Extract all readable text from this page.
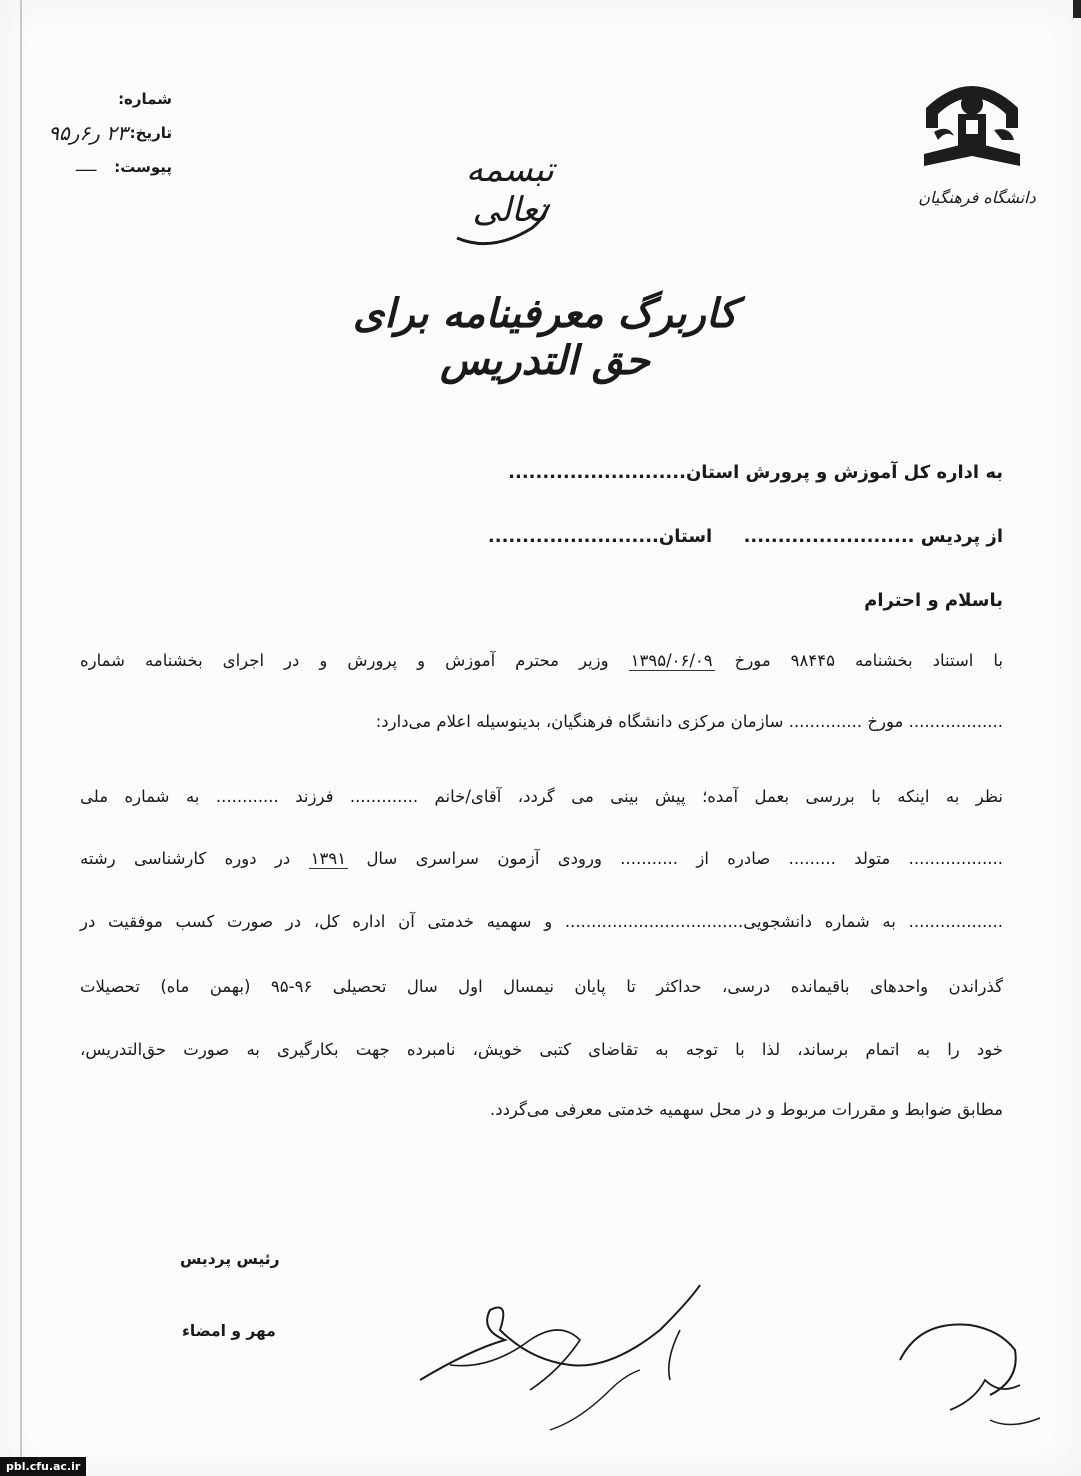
دانشگاه فرهنگیان
شماره:
تاریخ:
۲۳ ر۶ر۹۵
پیوست:
ـــــ	تبسمه تعالی
کاربرگ معرفینامه برای حق التدریس
به اداره کل آموزش و پرورش استان..........................
از پردیس .........................     استان.........................
باسلام و احترام
با استناد بخشنامه ۹۸۴۴۵ مورخ ۱۳۹۵/۰۶/۰۹ وزیر محترم آموزش و پرورش و در اجرای بخشنامه شماره
.................. مورخ .............. سازمان مرکزی دانشگاه فرهنگیان، بدینوسیله اعلام می‌دارد:
نظر به اینکه با بررسی بعمل آمده؛ پیش بینی می گردد، آقای/خانم ............. فرزند ............ به شماره ملی
.................. متولد ......... صادره از ........... ورودی آزمون سراسری سال ۱۳۹۱ در دوره کارشناسی رشته
.................. به شماره دانشجویی.................................. و سهمیه خدمتی آن اداره کل، در صورت کسب موفقیت در
گذراندن واحدهای باقیمانده درسی، حداکثر تا پایان نیمسال اول سال تحصیلی ۹۶-۹۵ (بهمن ماه) تحصیلات
خود را به اتمام برساند، لذا با توجه به تقاضای کتبی خویش، نامبرده جهت بکارگیری به صورت حق‌التدریس،
مطابق ضوابط و مقررات مربوط و در محل سهمیه خدمتی معرفی می‌گردد.
رئیس پردیس
مهر و امضاء
pbl.cfu.ac.ir
